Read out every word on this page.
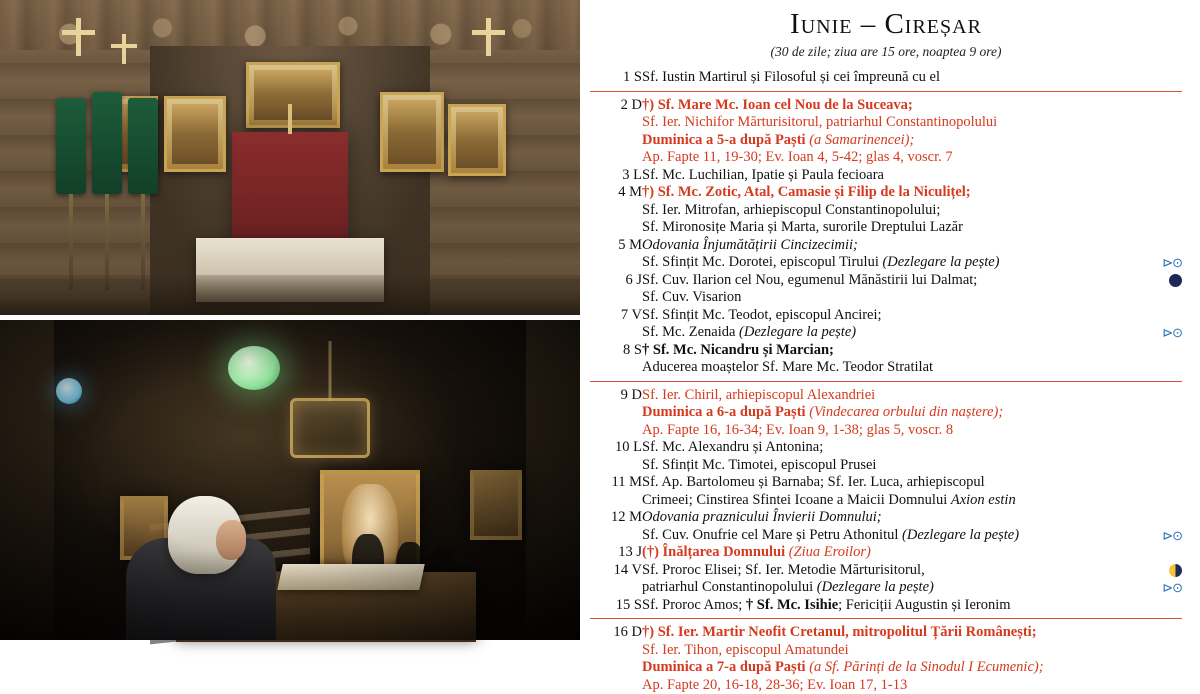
Iunie – Cireșar
(30 de zile; ziua are 15 ore, noaptea 9 ore)
1 S	Sf. Iustin Martirul și Filosoful și cei împreună cu el

2 D	†) Sf. Mare Mc. Ioan cel Nou de la Suceava;
Sf. Ier. Nichifor Mărturisitorul, patriarhul Constantinopolului
Duminica a 5-a după Paști (a Samarinencei);
Ap. Fapte 11, 19-30; Ev. Ioan 4, 5-42; glas 4, voscr. 7

3 L	Sf. Mc. Luchilian, Ipatie și Paula fecioara

4 M	†) Sf. Mc. Zotic, Atal, Camasie și Filip de la Niculițel;
Sf. Ier. Mitrofan, arhiepiscopul Constantinopolului;
Sf. Mironosițe Maria și Marta, surorile Dreptului Lazăr

5 M	Odovania Înjumătățirii Cincizecimii;
Sf. Sfințit Mc. Dorotei, episcopul Tirului (Dezlegare la pește) ⊳⊙

6 J	Sf. Cuv. Ilarion cel Nou, egumenul Mănăstirii lui Dalmat;
Sf. Cuv. Visarion

7 V	Sf. Sfințit Mc. Teodot, episcopul Ancirei;
Sf. Mc. Zenaida (Dezlegare la pește) ⊳⊙

8 S	† Sf. Mc. Nicandru și Marcian;
Aducerea moaștelor Sf. Mare Mc. Teodor Stratilat

9 D	Sf. Ier. Chiril, arhiepiscopul Alexandriei
Duminica a 6-a după Paști (Vindecarea orbului din naștere);
Ap. Fapte 16, 16-34; Ev. Ioan 9, 1-38; glas 5, voscr. 8

10 L	Sf. Mc. Alexandru și Antonina;
Sf. Sfințit Mc. Timotei, episcopul Prusei

11 M	Sf. Ap. Bartolomeu și Barnaba; Sf. Ier. Luca, arhiepiscopul
Crimeei; Cinstirea Sfintei Icoane a Maicii Domnului Axion estin

12 M	Odovania praznicului Învierii Domnului;
Sf. Cuv. Onufrie cel Mare și Petru Athonitul (Dezlegare la pește) ⊳⊙

13 J	(†) Înălțarea Domnului (Ziua Eroilor)

14 V	Sf. Proroc Elisei; Sf. Ier. Metodie Mărturisitorul,
patriarhul Constantinopolului (Dezlegare la pește) ⊳⊙

15 S	Sf. Proroc Amos; † Sf. Mc. Isihie; Fericiții Augustin și Ieronim

16 D	†) Sf. Ier. Martir Neofit Cretanul, mitropolitul Țării Românești;
Sf. Ier. Tihon, episcopul Amatundei
Duminica a 7-a după Paști (a Sf. Părinți de la Sinodul I Ecumenic);
Ap. Fapte 20, 16-18, 28-36; Ev. Ioan 17, 1-13
